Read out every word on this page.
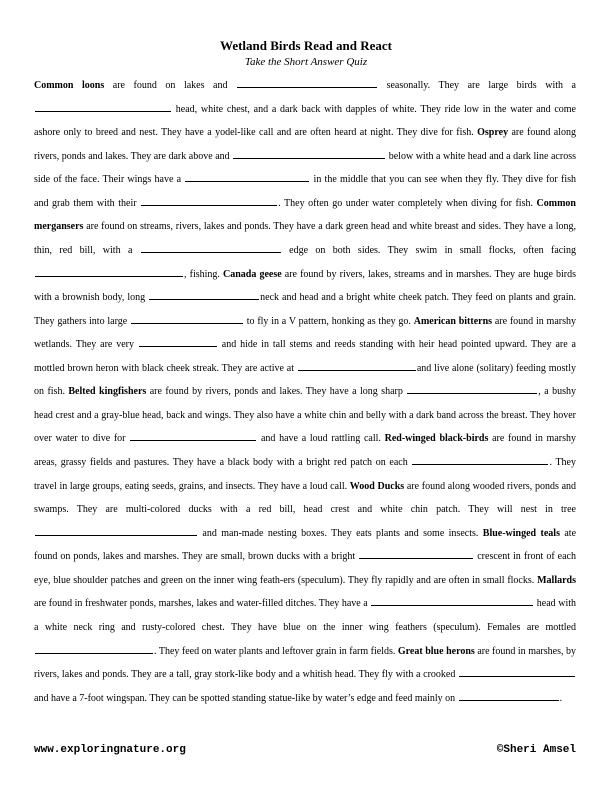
Wetland Birds Read and React
Take the Short Answer Quiz

Common loons are found on lakes and	seasonally. They are large birds with a  head, white chest, and a dark back with dapples of white. They ride low in the water and come ashore only to breed and nest. They have a yodel-like call and are often heard at night. They dive for fish. Osprey are found along rivers, ponds and lakes. They are dark above and	below with a white head and a dark line across side of the face. Their wings have a	in the middle that you can see when they fly. They dive for fish and grab them with their	. They often go under water completely when diving for fish. Common mergansers are found on streams, rivers, lakes and ponds. They have a dark green head and white breast and sides. They have a long, thin, red bill, with a	edge on both sides. They swim in small flocks, often facing , fishing. Canada geese are found by rivers, lakes, streams and in marshes. They are huge birds with a brownish body, long	neck and head and a bright white cheek patch. They feed on plants and grain. They gathers into large	to fly in a V pattern, honking as they go. American bitterns are found in marshy wetlands. They are very	and hide in tall stems and reeds standing with heir head pointed upward. They are a mottled brown heron with black cheek streak. They are active at	and live alone (solitary) feeding mostly on fish. Belted kingfishers are found by rivers, ponds and lakes. They have a long sharp	, a bushy head crest and a gray-blue head, back and wings. They also have a white chin and belly with a dark band across the breast. They hover over water to dive for	and have a loud rattling call. Red-winged black-birds are found in marshy areas, grassy fields and pastures. They have a black body with a bright red patch on each	. They travel in large groups, eating seeds, grains, and insects. They have a loud call. Wood Ducks are found along wooded rivers, ponds and swamps. They are multi-colored ducks with a red bill, head crest and white chin patch. They will nest in tree  and man-made nesting boxes. They eats plants and some insects. Blue-winged teals ate found on ponds, lakes and marshes. They are small, brown ducks with a bright	crescent in front of each eye, blue shoulder patches and green on the inner wing feath-ers (speculum). They fly rapidly and are often in small flocks. Mallards are found in freshwater ponds, marshes, lakes and water-filled ditches. They have a	head with a white neck ring and rusty-colored chest. They have blue on the inner wing feathers (speculum). Females are mottled . They feed on water plants and leftover grain in farm fields. Great blue herons are found in marshes, by rivers, lakes and ponds. They are a tall, gray stork-like body and a whitish head. They fly with a crooked  and have a 7-foot wingspan. They can be spotted standing statue-like by water’s edge and feed mainly on	.

www.exploringnature.org	©Sheri Amsel
